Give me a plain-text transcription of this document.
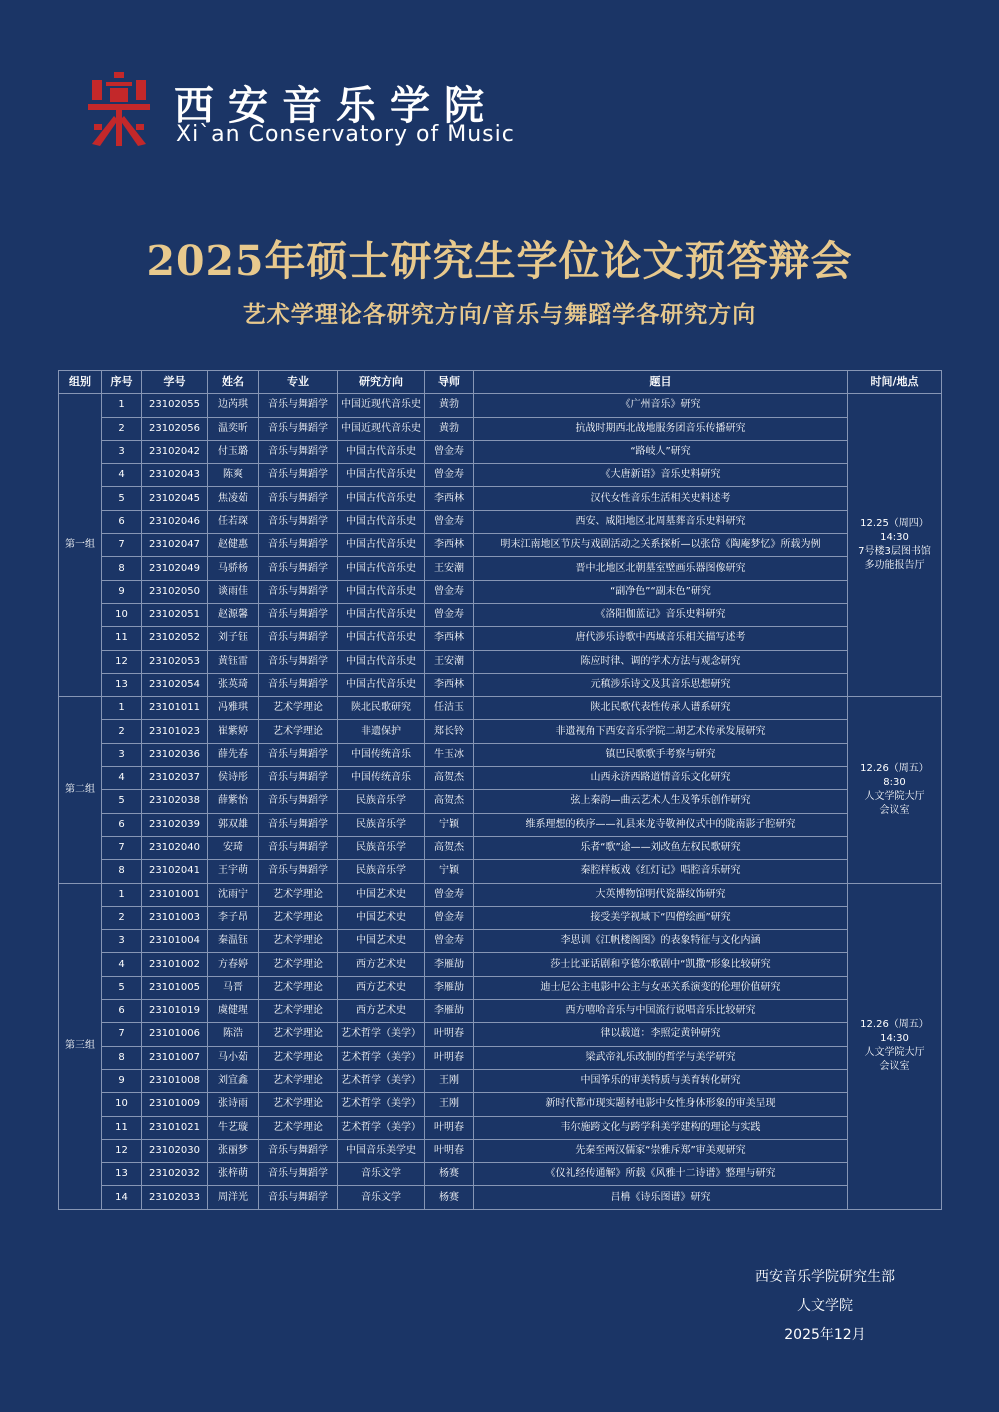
西安音乐学院
Xi`an Conservatory of Music
2025年硕士研究生学位论文预答辩会
艺术学理论各研究方向/音乐与舞蹈学各研究方向
组别	序号	学号	姓名	专业	研究方向	导师	题目	时间/地点
第一组	1	23102055	边芮琪	音乐与舞蹈学	中国近现代音乐史	黄勃	《广州音乐》研究	12.25（周四）
14:30
7号楼3层图书馆
多功能报告厅

	2	23102056	温奕昕	音乐与舞蹈学	中国近现代音乐史	黄勃	抗战时期西北战地服务团音乐传播研究	
	3	23102042	付玉璐	音乐与舞蹈学	中国古代音乐史	曾金寿	“路岐人”研究	
	4	23102043	陈爽	音乐与舞蹈学	中国古代音乐史	曾金寿	《大唐新语》音乐史料研究	
	5	23102045	焦凌茹	音乐与舞蹈学	中国古代音乐史	李西林	汉代女性音乐生活相关史料述考	
	6	23102046	任若琛	音乐与舞蹈学	中国古代音乐史	曾金寿	西安、咸阳地区北周墓葬音乐史料研究	
	7	23102047	赵健惠	音乐与舞蹈学	中国古代音乐史	李西林	明末江南地区节庆与戏剧活动之关系探析—以张岱《陶庵梦忆》所载为例	
	8	23102049	马骄杨	音乐与舞蹈学	中国古代音乐史	王安潮	晋中北地区北朝墓室壁画乐器图像研究	
	9	23102050	谈雨佳	音乐与舞蹈学	中国古代音乐史	曾金寿	“副净色”“副末色”研究	
	10	23102051	赵源馨	音乐与舞蹈学	中国古代音乐史	曾金寿	《洛阳伽蓝记》音乐史料研究	
	11	23102052	刘子钰	音乐与舞蹈学	中国古代音乐史	李西林	唐代涉乐诗歌中西域音乐相关描写述考	
	12	23102053	黄钰雷	音乐与舞蹈学	中国古代音乐史	王安潮	陈应时律、调的学术方法与观念研究	
	13	23102054	张英琦	音乐与舞蹈学	中国古代音乐史	李西林	元稹涉乐诗文及其音乐思想研究	
第二组	1	23101011	冯雅琪	艺术学理论	陕北民歌研究	任洁玉	陕北民歌代表性传承人谱系研究	12.26（周五）
8:30
人文学院大厅
会议室

	2	23101023	崔紫婷	艺术学理论	非遗保护	郑长铃	非遗视角下西安音乐学院二胡艺术传承发展研究	
	3	23102036	薛先春	音乐与舞蹈学	中国传统音乐	牛玉冰	镇巴民歌歌手考察与研究	
	4	23102037	侯诗彤	音乐与舞蹈学	中国传统音乐	高贺杰	山西永济西路道情音乐文化研究	
	5	23102038	薛紫怡	音乐与舞蹈学	民族音乐学	高贺杰	弦上秦韵—曲云艺术人生及筝乐创作研究	
	6	23102039	郭双雄	音乐与舞蹈学	民族音乐学	宁颖	维系理想的秩序——礼县来龙寺敬神仪式中的陇南影子腔研究	
	7	23102040	安琦	音乐与舞蹈学	民族音乐学	高贺杰	乐者“歌”途——刘改鱼左权民歌研究	
	8	23102041	王宇萌	音乐与舞蹈学	民族音乐学	宁颖	秦腔样板戏《红灯记》唱腔音乐研究	
第三组	1	23101001	沈雨宁	艺术学理论	中国艺术史	曾金寿	大英博物馆明代瓷器纹饰研究	12.26（周五）
14:30
人文学院大厅
会议室

	2	23101003	李子昂	艺术学理论	中国艺术史	曾金寿	接受美学视域下“四僧绘画”研究	
	3	23101004	秦温钰	艺术学理论	中国艺术史	曾金寿	李思训《江帆楼阁图》的表象特征与文化内涵	
	4	23101002	方春婷	艺术学理论	西方艺术史	李雁劼	莎士比亚话剧和亨德尔歌剧中“凯撒”形象比较研究	
	5	23101005	马晋	艺术学理论	西方艺术史	李雁劼	迪士尼公主电影中公主与女巫关系演变的伦理价值研究	
	6	23101019	虞健瑆	艺术学理论	西方艺术史	李雁劼	西方嘻哈音乐与中国流行说唱音乐比较研究	
	7	23101006	陈浩	艺术学理论	艺术哲学（美学）	叶明春	律以载道：李照定黄钟研究	
	8	23101007	马小茹	艺术学理论	艺术哲学（美学）	叶明春	梁武帝礼乐改制的哲学与美学研究	
	9	23101008	刘宜鑫	艺术学理论	艺术哲学（美学）	王刚	中国筝乐的审美特质与美育转化研究	
	10	23101009	张诗雨	艺术学理论	艺术哲学（美学）	王刚	新时代都市现实题材电影中女性身体形象的审美呈现	
	11	23101021	牛艺璇	艺术学理论	艺术哲学（美学）	叶明春	韦尔施跨文化与跨学科美学建构的理论与实践	
	12	23102030	张丽梦	音乐与舞蹈学	中国音乐美学史	叶明春	先秦至两汉儒家“崇雅斥郑”审美观研究	
	13	23102032	张梓萌	音乐与舞蹈学	音乐文学	杨赛	《仪礼经传通解》所载《风雅十二诗谱》整理与研究	
	14	23102033	周洋光	音乐与舞蹈学	音乐文学	杨赛	吕柟《诗乐图谱》研究	
西安音乐学院研究生部
人文学院
2025年12月
